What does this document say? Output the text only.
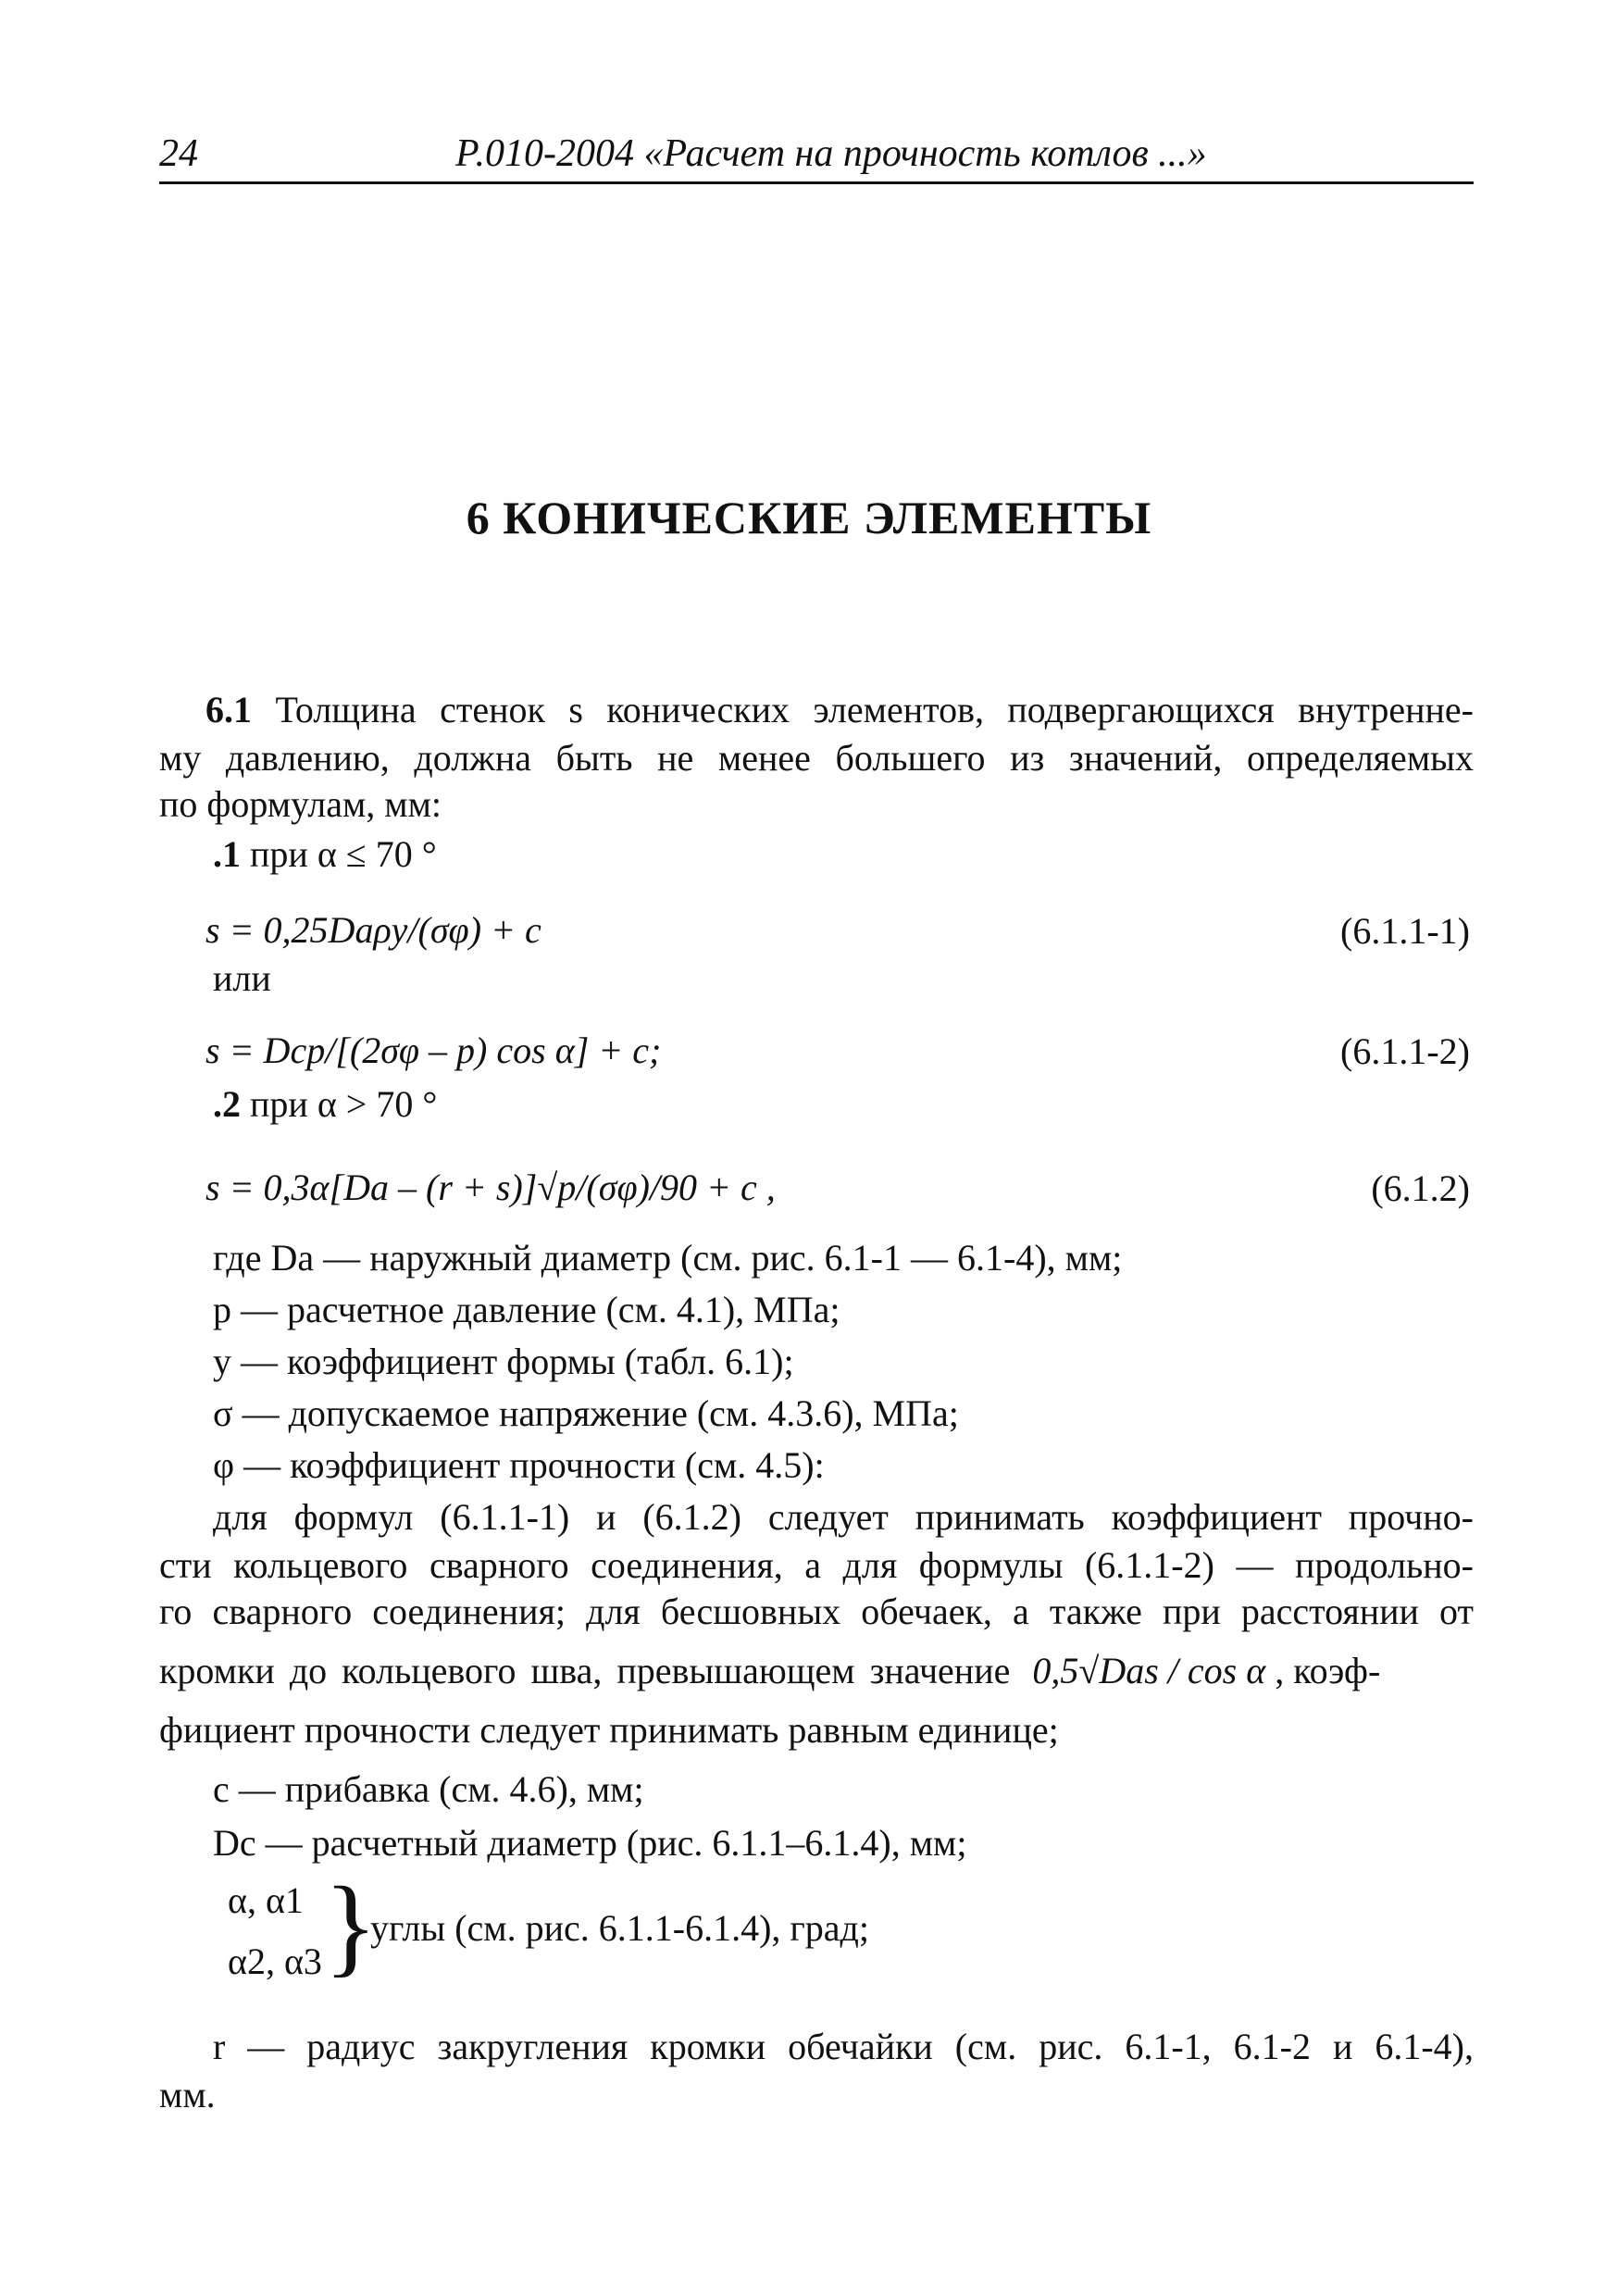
24	Р.010-2004 «Расчет на прочность котлов ...»
6 КОНИЧЕСКИЕ ЭЛЕМЕНТЫ
6.1 Толщина стенок s конических элементов, подвергающихся внутренне-
му давлению, должна быть не менее большего из значений, определяемых
по формулам, мм:
.1 при α ≤ 70 °
s = 0,25Daρy/(σφ) + c	(6.1.1-1)
или
s = Dcp/[(2σφ – p) cos α] + c;	(6.1.1-2)
.2 при α > 70 °
s = 0,3α[Da – (r + s)]√p/(σφ)/90 + c ,	(6.1.2)
где Da — наружный диаметр (см. рис. 6.1-1 — 6.1-4), мм;
p — расчетное давление (см. 4.1), МПа;
y — коэффициент формы (табл. 6.1);
σ — допускаемое напряжение (см. 4.3.6), МПа;
φ — коэффициент прочности (см. 4.5):
для формул (6.1.1-1) и (6.1.2) следует принимать коэффициент прочно-
сти кольцевого сварного соединения, а для формулы (6.1.1-2) — продольно-
го сварного соединения; для бесшовных обечаек, а также при расстоянии от
кромки до кольцевого шва, превышающем значение 0,5√Das / cos α , коэф-
фициент прочности следует принимать равным единице;
c — прибавка (см. 4.6), мм;
Dc — расчетный диаметр (рис. 6.1.1–6.1.4), мм;
α, α1
α2, α3 }
углы (см. рис. 6.1.1-6.1.4), град;
r — радиус закругления кромки обечайки (см. рис. 6.1-1, 6.1-2 и 6.1-4),
мм.
